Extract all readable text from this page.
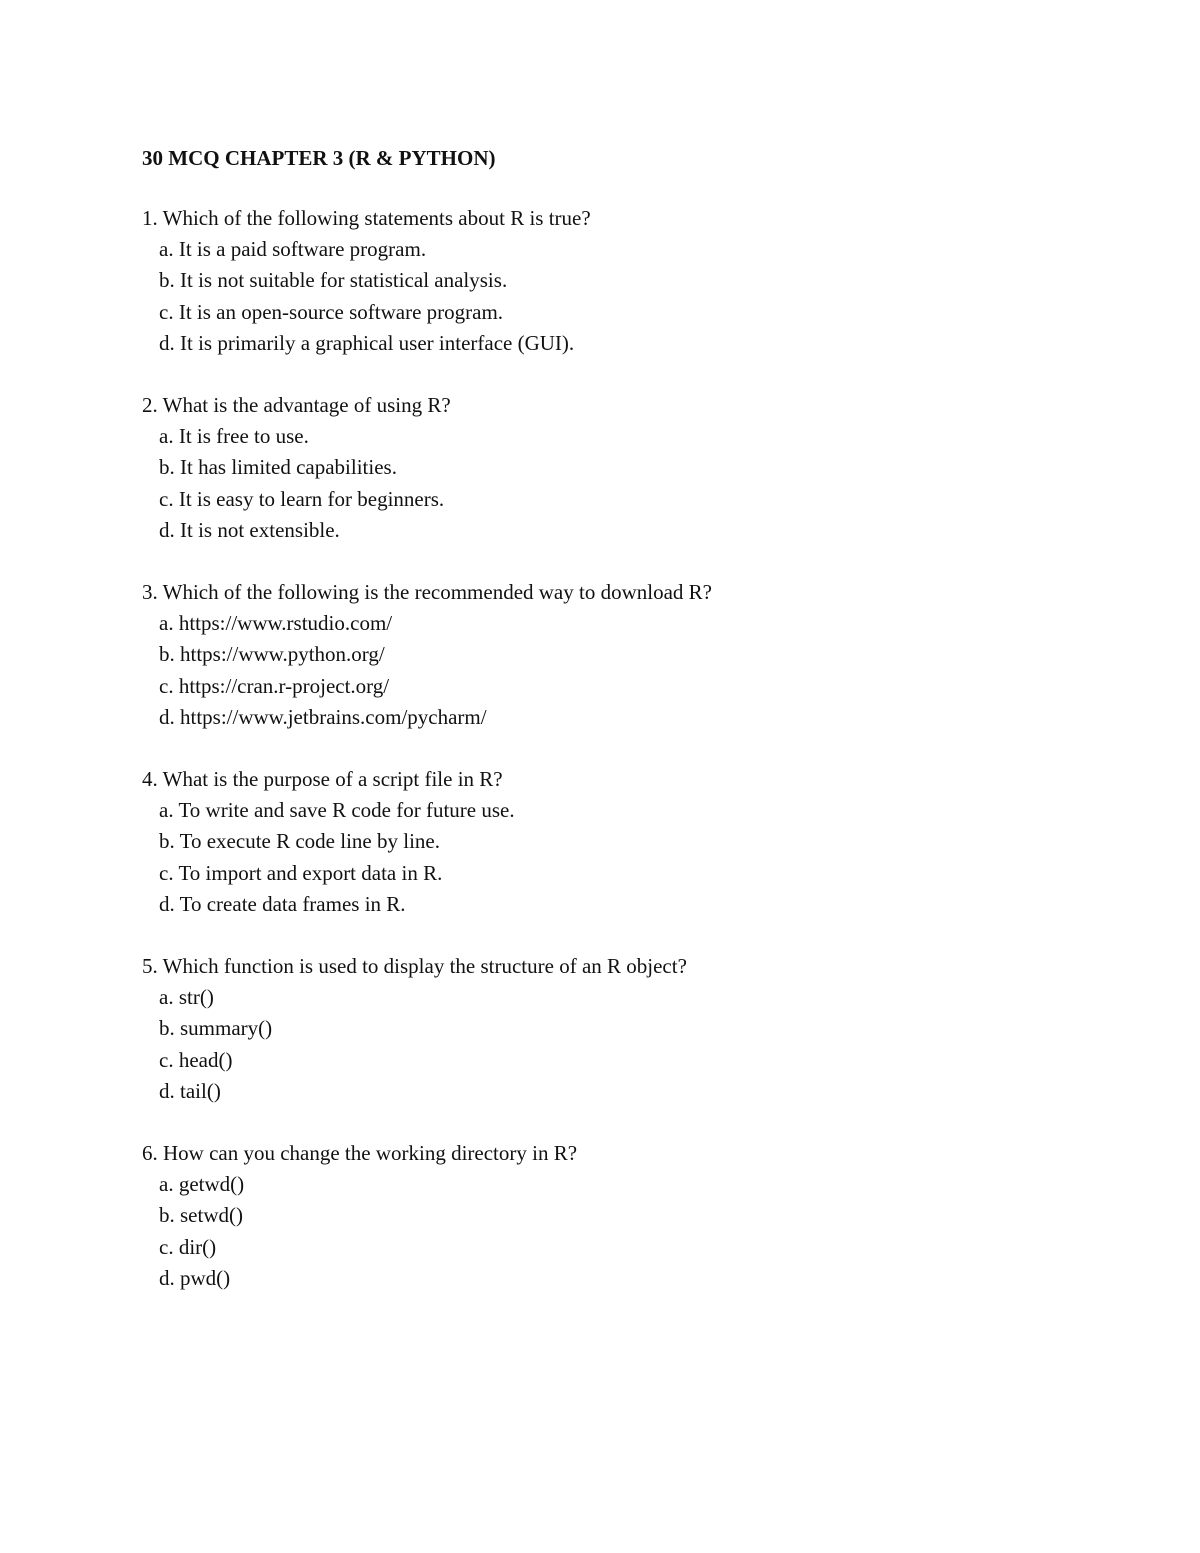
30 MCQ CHAPTER 3 (R & PYTHON)
1. Which of the following statements about R is true?
a. It is a paid software program.
b. It is not suitable for statistical analysis.
c. It is an open-source software program.
d. It is primarily a graphical user interface (GUI).
2. What is the advantage of using R?
a. It is free to use.
b. It has limited capabilities.
c. It is easy to learn for beginners.
d. It is not extensible.
3. Which of the following is the recommended way to download R?
a. https://www.rstudio.com/
b. https://www.python.org/
c. https://cran.r-project.org/
d. https://www.jetbrains.com/pycharm/
4. What is the purpose of a script file in R?
a. To write and save R code for future use.
b. To execute R code line by line.
c. To import and export data in R.
d. To create data frames in R.
5. Which function is used to display the structure of an R object?
a. str()
b. summary()
c. head()
d. tail()
6. How can you change the working directory in R?
a. getwd()
b. setwd()
c. dir()
d. pwd()
